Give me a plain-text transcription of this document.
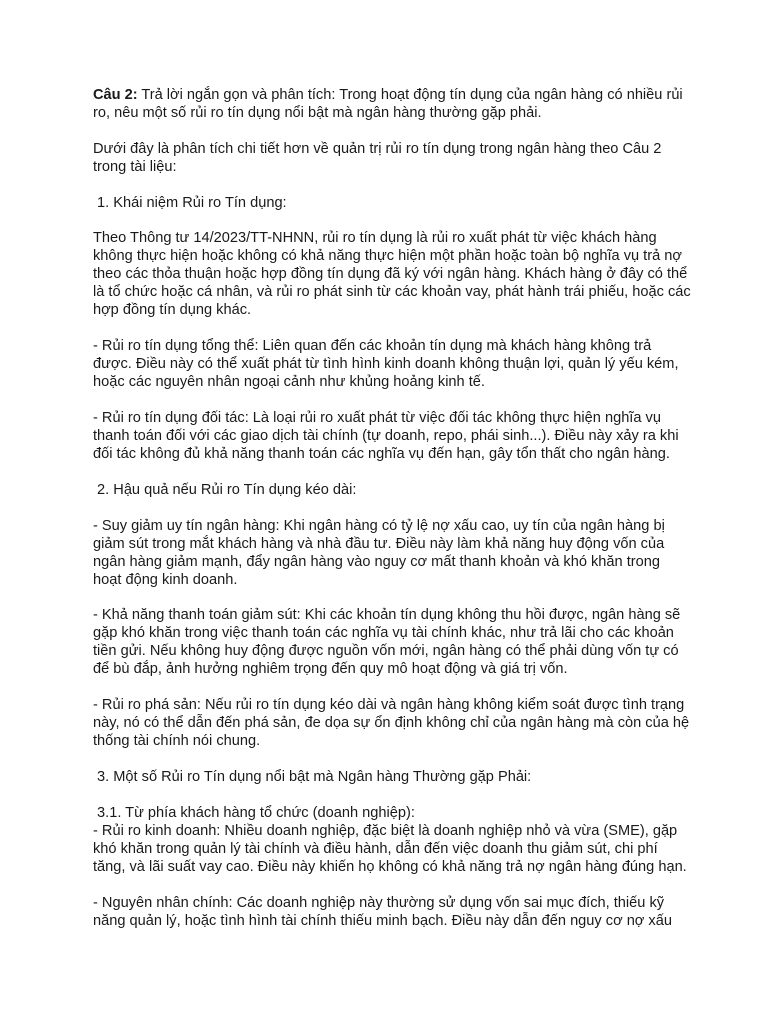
Câu 2: Trả lời ngắn gọn và phân tích: Trong hoạt động tín dụng của ngân hàng có nhiều rủi
ro, nêu một số rủi ro tín dụng nổi bật mà ngân hàng thường gặp phải.
Dưới đây là phân tích chi tiết hơn về quản trị rủi ro tín dụng trong ngân hàng theo Câu 2
trong tài liệu:
1. Khái niệm Rủi ro Tín dụng:
Theo Thông tư 14/2023/TT-NHNN, rủi ro tín dụng là rủi ro xuất phát từ việc khách hàng
không thực hiện hoặc không có khả năng thực hiện một phần hoặc toàn bộ nghĩa vụ trả nợ
theo các thỏa thuận hoặc hợp đồng tín dụng đã ký với ngân hàng. Khách hàng ở đây có thể
là tổ chức hoặc cá nhân, và rủi ro phát sinh từ các khoản vay, phát hành trái phiếu, hoặc các
hợp đồng tín dụng khác.
- Rủi ro tín dụng tổng thể: Liên quan đến các khoản tín dụng mà khách hàng không trả
được. Điều này có thể xuất phát từ tình hình kinh doanh không thuận lợi, quản lý yếu kém,
hoặc các nguyên nhân ngoại cảnh như khủng hoảng kinh tế.
- Rủi ro tín dụng đối tác: Là loại rủi ro xuất phát từ việc đối tác không thực hiện nghĩa vụ
thanh toán đối với các giao dịch tài chính (tự doanh, repo, phái sinh...). Điều này xảy ra khi
đối tác không đủ khả năng thanh toán các nghĩa vụ đến hạn, gây tổn thất cho ngân hàng.
2. Hậu quả nếu Rủi ro Tín dụng kéo dài:
- Suy giảm uy tín ngân hàng: Khi ngân hàng có tỷ lệ nợ xấu cao, uy tín của ngân hàng bị
giảm sút trong mắt khách hàng và nhà đầu tư. Điều này làm khả năng huy động vốn của
ngân hàng giảm mạnh, đẩy ngân hàng vào nguy cơ mất thanh khoản và khó khăn trong
hoạt động kinh doanh.
- Khả năng thanh toán giảm sút: Khi các khoản tín dụng không thu hồi được, ngân hàng sẽ
gặp khó khăn trong việc thanh toán các nghĩa vụ tài chính khác, như trả lãi cho các khoản
tiền gửi. Nếu không huy động được nguồn vốn mới, ngân hàng có thể phải dùng vốn tự có
để bù đắp, ảnh hưởng nghiêm trọng đến quy mô hoạt động và giá trị vốn.
- Rủi ro phá sản: Nếu rủi ro tín dụng kéo dài và ngân hàng không kiểm soát được tình trạng
này, nó có thể dẫn đến phá sản, đe dọa sự ổn định không chỉ của ngân hàng mà còn của hệ
thống tài chính nói chung.
3. Một số Rủi ro Tín dụng nổi bật mà Ngân hàng Thường gặp Phải:
3.1. Từ phía khách hàng tổ chức (doanh nghiệp):
- Rủi ro kinh doanh: Nhiều doanh nghiệp, đặc biệt là doanh nghiệp nhỏ và vừa (SME), gặp
khó khăn trong quản lý tài chính và điều hành, dẫn đến việc doanh thu giảm sút, chi phí
tăng, và lãi suất vay cao. Điều này khiến họ không có khả năng trả nợ ngân hàng đúng hạn.
- Nguyên nhân chính: Các doanh nghiệp này thường sử dụng vốn sai mục đích, thiếu kỹ
năng quản lý, hoặc tình hình tài chính thiếu minh bạch. Điều này dẫn đến nguy cơ nợ xấu
